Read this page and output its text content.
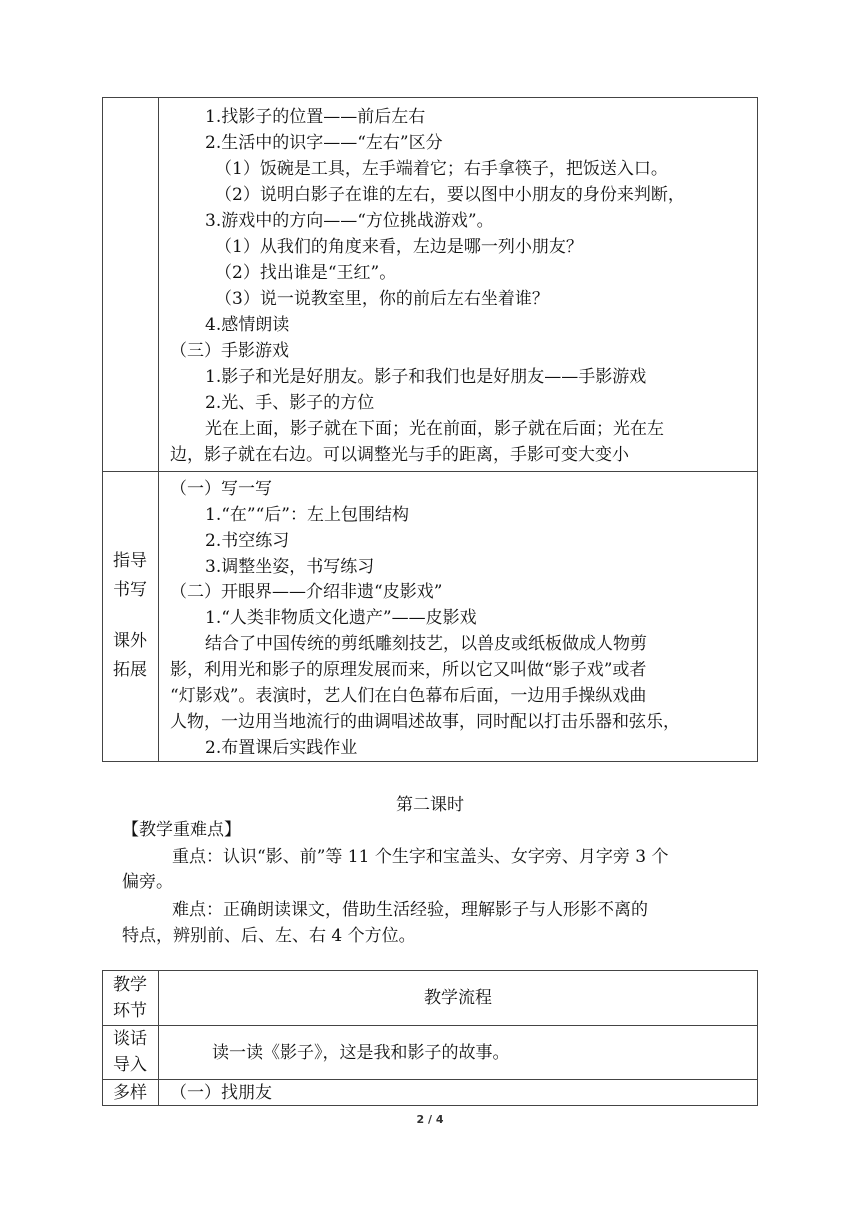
1.找影子的位置——前后左右
2.生活中的识字——“左右”区分
（1）饭碗是工具，左手端着它；右手拿筷子，把饭送入口。
（2）说明白影子在谁的左右，要以图中小朋友的身份来判断，
3.游戏中的方向——“方位挑战游戏”。
（1）从我们的角度来看，左边是哪一列小朋友？
（2）找出谁是“王红”。
（3）说一说教室里，你的前后左右坐着谁？
4.感情朗读
（三）手影游戏
1.影子和光是好朋友。影子和我们也是好朋友——手影游戏
2.光、手、影子的方位
光在上面，影子就在下面；光在前面，影子就在后面；光在左
边，影子就在右边。可以调整光与手的距离，手影可变大变小
指导
书写
课外
拓展
（一）写一写
1.“在”“后”：左上包围结构
2.书空练习
3.调整坐姿，书写练习
（二）开眼界——介绍非遗“皮影戏”
1.“人类非物质文化遗产”——皮影戏
结合了中国传统的剪纸雕刻技艺，以兽皮或纸板做成人物剪
影，利用光和影子的原理发展而来，所以它又叫做“影子戏”或者
“灯影戏”。表演时，艺人们在白色幕布后面，一边用手操纵戏曲
人物，一边用当地流行的曲调唱述故事，同时配以打击乐器和弦乐，
2.布置课后实践作业
第二课时
【教学重难点】
重点：认识“影、前”等 11 个生字和宝盖头、女字旁、月字旁 3 个
偏旁。
难点：正确朗读课文，借助生活经验，理解影子与人形影不离的
特点，辨别前、后、左、右 4 个方位。
教学
环节
教学流程
谈话
导入
读一读《影子》，这是我和影子的故事。
多样	（一）找朋友
2 / 4
